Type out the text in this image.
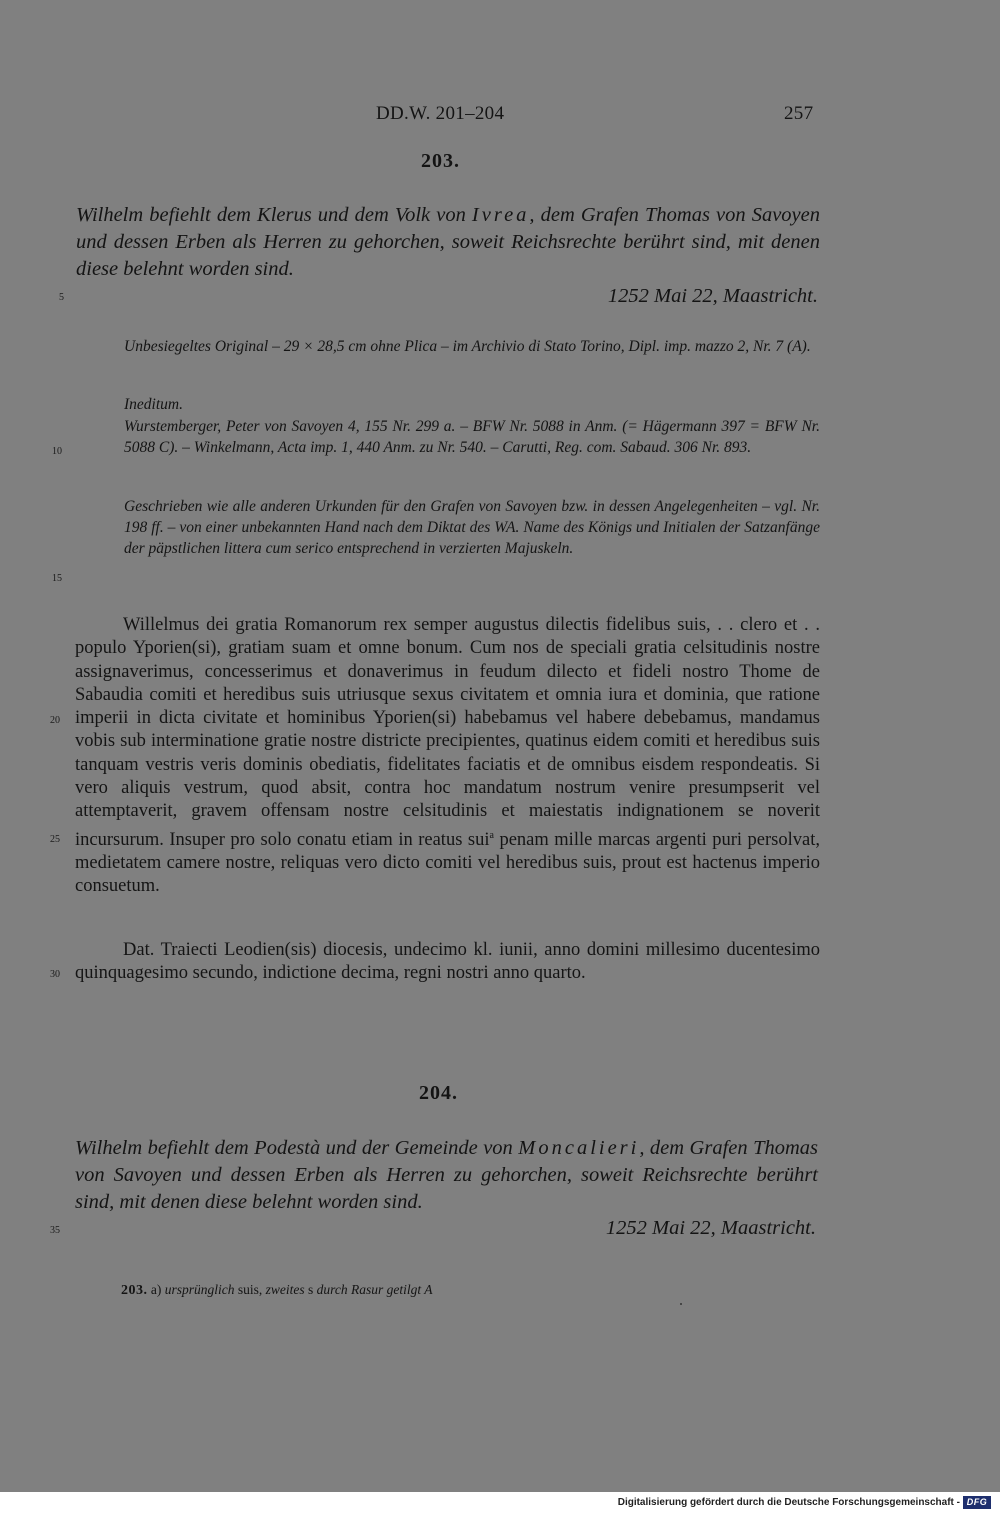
DD.W. 201–204	257
203.
Wilhelm befiehlt dem Klerus und dem Volk von Ivrea, dem Grafen Thomas von Savoyen und dessen Erben als Herren zu gehorchen, soweit Reichsrechte berührt sind, mit denen diese belehnt worden sind.
1252 Mai 22, Maastricht.
Unbesiegeltes Original – 29 × 28,5 cm ohne Plica – im Archivio di Stato Torino, Dipl. imp. mazzo 2, Nr. 7 (A).
Ineditum.
Wurstemberger, Peter von Savoyen 4, 155 Nr. 299 a. – BFW Nr. 5088 in Anm. (= Hägermann 397 = BFW Nr. 5088 C). – Winkelmann, Acta imp. 1, 440 Anm. zu Nr. 540. – Carutti, Reg. com. Sabaud. 306 Nr. 893.
Geschrieben wie alle anderen Urkunden für den Grafen von Savoyen bzw. in dessen Angelegenheiten – vgl. Nr. 198 ff. – von einer unbekannten Hand nach dem Diktat des WA. Name des Königs und Initialen der Satzanfänge der päpstlichen littera cum serico entsprechend in verzierten Majuskeln.
Willelmus dei gratia Romanorum rex semper augustus dilectis fidelibus suis, . . clero et . . populo Yporien(si), gratiam suam et omne bonum. Cum nos de speciali gratia celsitudinis nostre assignaverimus, concesserimus et donaverimus in feudum dilecto et fideli nostro Thome de Sabaudia comiti et heredibus suis utriusque sexus civitatem et omnia iura et dominia, que ratione imperii in dicta civitate et hominibus Yporien(si) habebamus vel habere debebamus, mandamus vobis sub interminatione gratie nostre districte precipientes, quatinus eidem comiti et heredibus suis tanquam vestris veris dominis obediatis, fidelitates faciatis et de omnibus eisdem respondeatis. Si vero aliquis vestrum, quod absit, contra hoc mandatum nostrum venire presumpserit vel attemptaverit, gravem offensam nostre celsitudinis et maiestatis indignationem se noverit incursurum. Insuper pro solo conatu etiam in reatus sui$^a$ penam mille marcas argenti puri persolvat, medietatem camere nostre, reliquas vero dicto comiti vel heredibus suis, prout est hactenus imperio consuetum.
Dat. Traiecti Leodien(sis) diocesis, undecimo kl. iunii, anno domini millesimo ducentesimo quinquagesimo secundo, indictione decima, regni nostri anno quarto.
204.
Wilhelm befiehlt dem Podestà und der Gemeinde von Moncalieri, dem Grafen Thomas von Savoyen und dessen Erben als Herren zu gehorchen, soweit Reichsrechte berührt sind, mit denen diese belehnt worden sind.
1252 Mai 22, Maastricht.
203. a) ursprünglich suis, zweites s durch Rasur getilgt A
5
10
15
20
25
30
35
Digitalisierung gefördert durch die Deutsche Forschungsgemeinschaft - DFG
